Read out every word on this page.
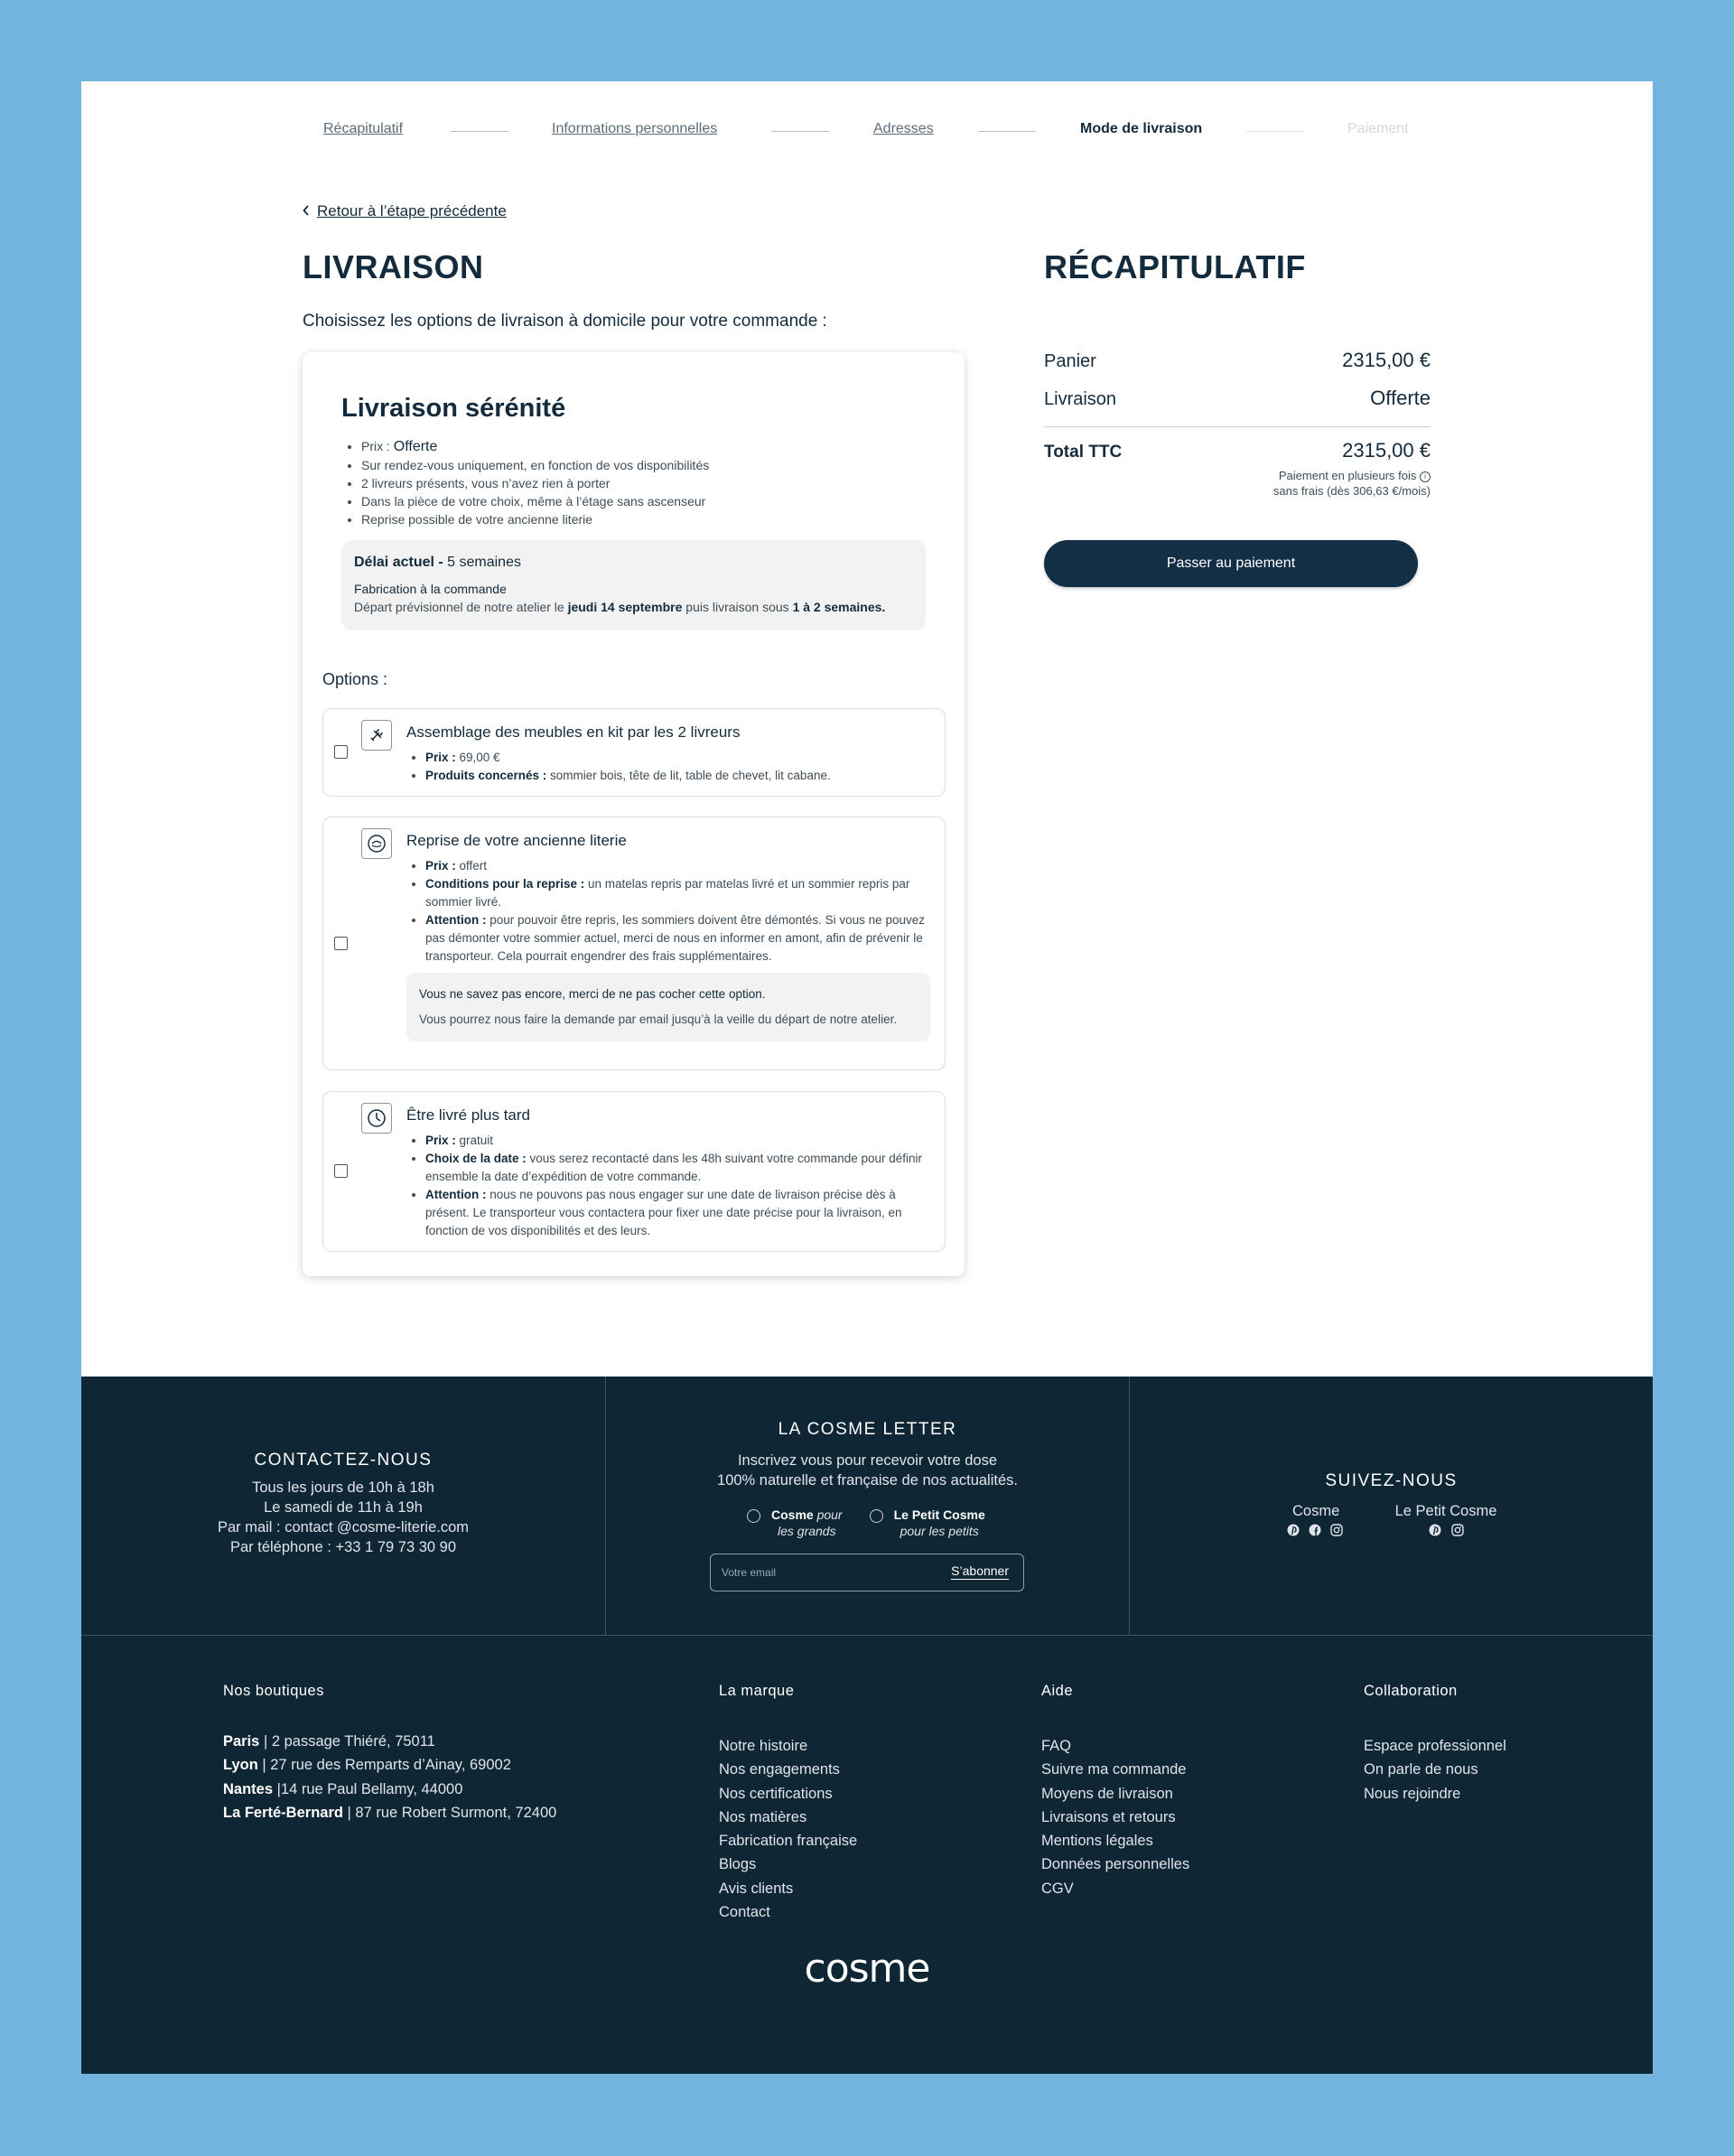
Récapitulatif	Informations personnelles	Adresses	Mode de livraison	Paiement
Retour à l’étape précédente
LIVRAISON

Choisissez les options de livraison à domicile pour votre commande :

Livraison sérénité
• Prix : Offerte
• Sur rendez-vous uniquement, en fonction de vos disponibilités
• 2 livreurs présents, vous n’avez rien à porter
• Dans la pièce de votre choix, même à l’étage sans ascenseur
• Reprise possible de votre ancienne literie
Délai actuel - 5 semaines
Fabrication à la commande
Départ prévisionnel de notre atelier le jeudi 14 septembre puis livraison sous 1 à 2 semaines.
Options :
Assemblage des meubles en kit par les 2 livreurs
• Prix : 69,00 €
• Produits concernés : sommier bois, tête de lit, table de chevet, lit cabane.
Reprise de votre ancienne literie
• Prix : offert
• Conditions pour la reprise : un matelas repris par matelas livré et un sommier repris par sommier livré.
• Attention : pour pouvoir être repris, les sommiers doivent être démontés. Si vous ne pouvez pas démonter votre sommier actuel, merci de nous en informer en amont, afin de prévenir le transporteur. Cela pourrait engendrer des frais supplémentaires.
Vous ne savez pas encore, merci de ne pas cocher cette option.
Vous pourrez nous faire la demande par email jusqu’à la veille du départ de notre atelier.
Être livré plus tard
• Prix : gratuit
• Choix de la date : vous serez recontacté dans les 48h suivant votre commande pour définir ensemble la date d’expédition de votre commande.
• Attention : nous ne pouvons pas nous engager sur une date de livraison précise dès à présent. Le transporteur vous contactera pour fixer une date précise pour la livraison, en fonction de vos disponibilités et des leurs.
RÉCAPITULATIF
Panier	2315,00 €
Livraison	Offerte
Total TTC	2315,00 €
Paiement en plusieurs fois i
sans frais (dès 306,63 €/mois)
Passer au paiement
CONTACTEZ-NOUS
Tous les jours de 10h à 18h
Le samedi de 11h à 19h
Par mail : contact @cosme-literie.com
Par téléphone : +33 1 79 73 30 90
LA COSME LETTER
Inscrivez vous pour recevoir votre dose
100% naturelle et française de nos actualités.
Cosme pour
les grands
Le Petit Cosme
pour les petits
Votre email
S’abonner
SUIVEZ-NOUS
Cosme	Le Petit Cosme
Nos boutiques
Paris | 2 passage Thiéré, 75011
Lyon | 27 rue des Remparts d’Ainay, 69002
Nantes |14 rue Paul Bellamy, 44000
La Ferté-Bernard | 87 rue Robert Surmont, 72400
La marque
Notre histoire
Nos engagements
Nos certifications
Nos matières
Fabrication française
Blogs
Avis clients
Contact
Aide
FAQ
Suivre ma commande
Moyens de livraison
Livraisons et retours
Mentions légales
Données personnelles
CGV
Collaboration
Espace professionnel
On parle de nous
Nous rejoindre
cosme
